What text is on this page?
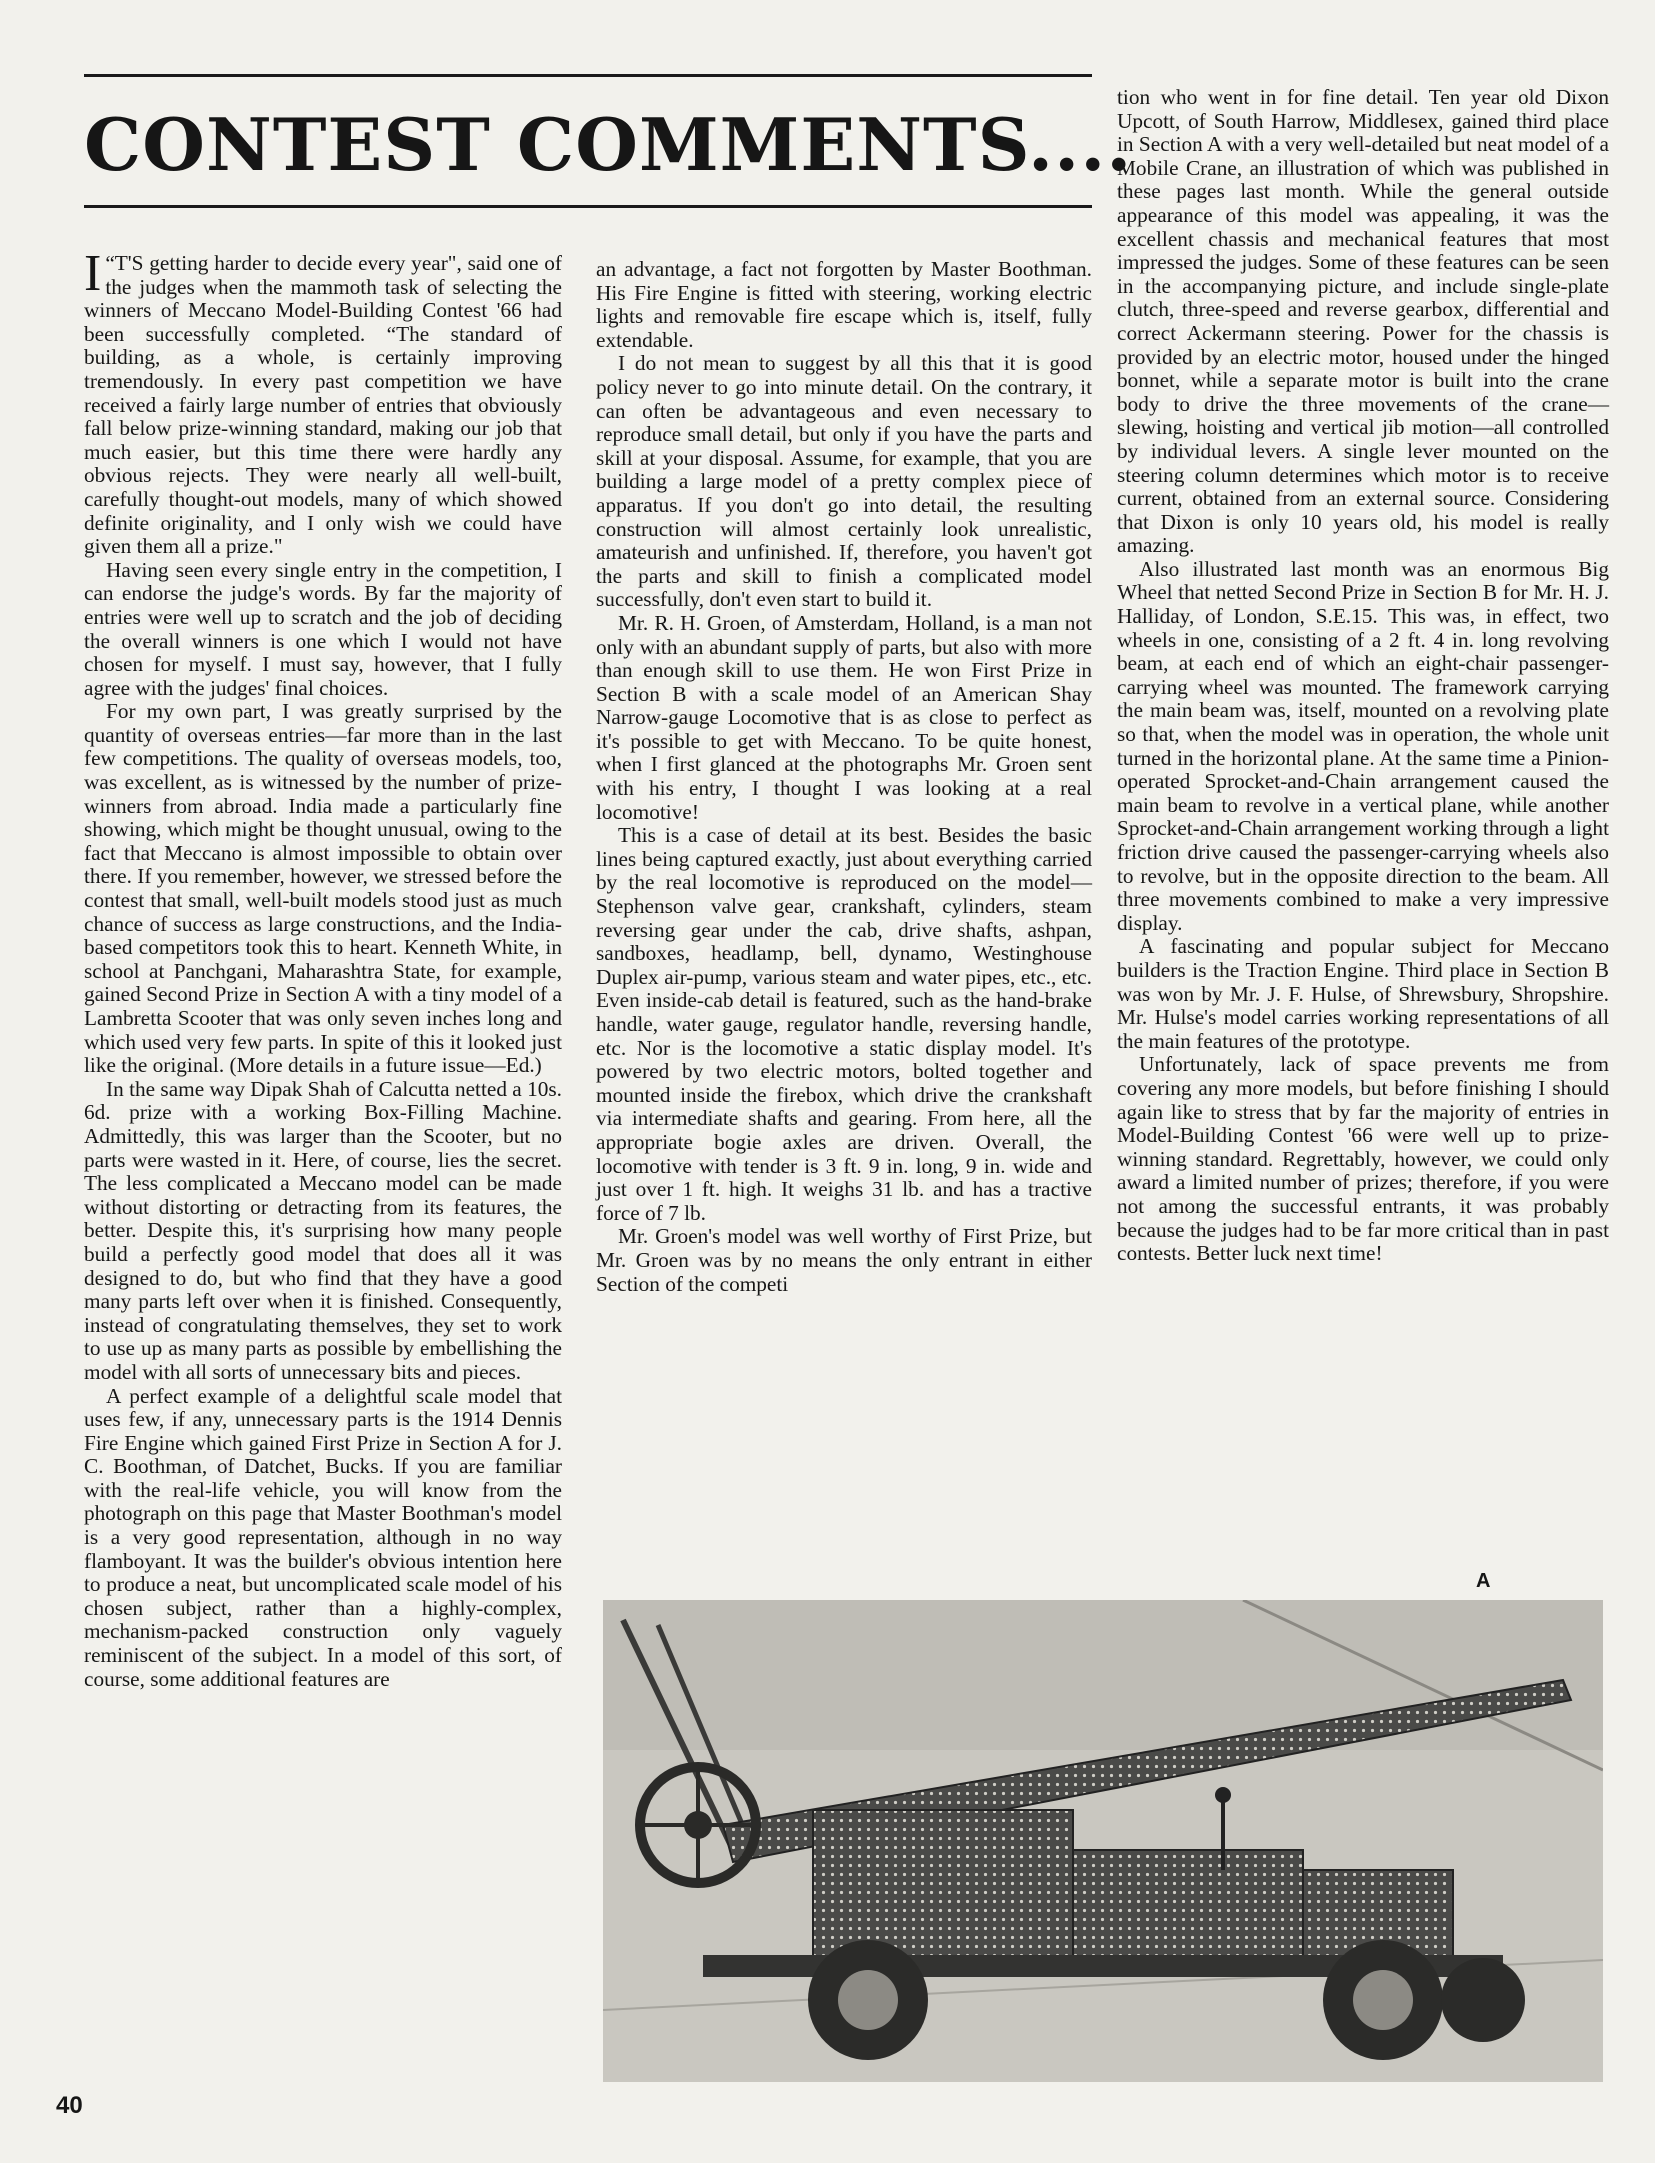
CONTEST COMMENTS....

“
I T'S getting harder to decide every year", said one of the judges when the mammoth task of selecting the winners of Meccano Model-Building Contest '66 had been successfully completed. “The standard of building, as a whole, is certainly improving tremendously. In every past competition we have received a fairly large number of entries that obviously fall below prize-winning standard, making our job that much easier, but this time there were hardly any obvious rejects. They were nearly all well-built, carefully thought-out models, many of which showed definite originality, and I only wish we could have given them all a prize."

Having seen every single entry in the competition, I can endorse the judge's words. By far the majority of entries were well up to scratch and the job of deciding the overall winners is one which I would not have chosen for myself. I must say, however, that I fully agree with the judges' final choices.

For my own part, I was greatly surprised by the quantity of overseas entries—far more than in the last few competitions. The quality of overseas models, too, was excellent, as is witnessed by the number of prize-winners from abroad. India made a particularly fine showing, which might be thought unusual, owing to the fact that Meccano is almost impossible to obtain over there. If you remember, however, we stressed before the contest that small, well-built models stood just as much chance of success as large constructions, and the India-based competitors took this to heart. Kenneth White, in school at Panchgani, Maharashtra State, for example, gained Second Prize in Section A with a tiny model of a Lambretta Scooter that was only seven inches long and which used very few parts. In spite of this it looked just like the original. (More details in a future issue—Ed.)

In the same way Dipak Shah of Calcutta netted a 10s. 6d. prize with a working Box-Filling Machine. Admittedly, this was larger than the Scooter, but no parts were wasted in it. Here, of course, lies the secret. The less complicated a Meccano model can be made without distorting or detracting from its features, the better. Despite this, it's surprising how many people build a perfectly good model that does all it was designed to do, but who find that they have a good many parts left over when it is finished. Consequently, instead of congratulating themselves, they set to work to use up as many parts as possible by embellishing the model with all sorts of unnecessary bits and pieces.

A perfect example of a delightful scale model that uses few, if any, unnecessary parts is the 1914 Dennis Fire Engine which gained First Prize in Section A for J. C. Boothman, of Datchet, Bucks. If you are familiar with the real-life vehicle, you will know from the photograph on this page that Master Boothman's model is a very good representation, although in no way flamboyant. It was the builder's obvious intention here to produce a neat, but uncomplicated scale model of his chosen subject, rather than a highly-complex, mechanism-packed construction only vaguely reminiscent of the subject. In a model of this sort, of course, some additional features are

an advantage, a fact not forgotten by Master Boothman. His Fire Engine is fitted with steering, working electric lights and removable fire escape which is, itself, fully extendable.

I do not mean to suggest by all this that it is good policy never to go into minute detail. On the contrary, it can often be advantageous and even necessary to reproduce small detail, but only if you have the parts and skill at your disposal. Assume, for example, that you are building a large model of a pretty complex piece of apparatus. If you don't go into detail, the resulting construction will almost certainly look unrealistic, amateurish and unfinished. If, therefore, you haven't got the parts and skill to finish a complicated model successfully, don't even start to build it.

Mr. R. H. Groen, of Amsterdam, Holland, is a man not only with an abundant supply of parts, but also with more than enough skill to use them. He won First Prize in Section B with a scale model of an American Shay Narrow-gauge Locomotive that is as close to perfect as it's possible to get with Meccano. To be quite honest, when I first glanced at the photographs Mr. Groen sent with his entry, I thought I was looking at a real locomotive!

This is a case of detail at its best. Besides the basic lines being captured exactly, just about everything carried by the real locomotive is reproduced on the model—Stephenson valve gear, crankshaft, cylinders, steam reversing gear under the cab, drive shafts, ashpan, sandboxes, headlamp, bell, dynamo, Westinghouse Duplex air-pump, various steam and water pipes, etc., etc. Even inside-cab detail is featured, such as the hand-brake handle, water gauge, regulator handle, reversing handle, etc. Nor is the locomotive a static display model. It's powered by two electric motors, bolted together and mounted inside the firebox, which drive the crankshaft via intermediate shafts and gearing. From here, all the appropriate bogie axles are driven. Overall, the locomotive with tender is 3 ft. 9 in. long, 9 in. wide and just over 1 ft. high. It weighs 31 lb. and has a tractive force of 7 lb.

Mr. Groen's model was well worthy of First Prize, but Mr. Groen was by no means the only entrant in either Section of the competi

tion who went in for fine detail. Ten year old Dixon Upcott, of South Harrow, Middlesex, gained third place in Section A with a very well-detailed but neat model of a Mobile Crane, an illustration of which was published in these pages last month. While the general outside appearance of this model was appealing, it was the excellent chassis and mechanical features that most impressed the judges. Some of these features can be seen in the accompanying picture, and include single-plate clutch, three-speed and reverse gearbox, differential and correct Ackermann steering. Power for the chassis is provided by an electric motor, housed under the hinged bonnet, while a separate motor is built into the crane body to drive the three movements of the crane—slewing, hoisting and vertical jib motion—all controlled by individual levers. A single lever mounted on the steering column determines which motor is to receive current, obtained from an external source. Considering that Dixon is only 10 years old, his model is really amazing.

Also illustrated last month was an enormous Big Wheel that netted Second Prize in Section B for Mr. H. J. Halliday, of London, S.E.15. This was, in effect, two wheels in one, consisting of a 2 ft. 4 in. long revolving beam, at each end of which an eight-chair passenger-carrying wheel was mounted. The framework carrying the main beam was, itself, mounted on a revolving plate so that, when the model was in operation, the whole unit turned in the horizontal plane. At the same time a Pinion-operated Sprocket-and-Chain arrangement caused the main beam to revolve in a vertical plane, while another Sprocket-and-Chain arrangement working through a light friction drive caused the passenger-carrying wheels also to revolve, but in the opposite direction to the beam. All three movements combined to make a very impressive display.

A fascinating and popular subject for Meccano builders is the Traction Engine. Third place in Section B was won by Mr. J. F. Hulse, of Shrewsbury, Shropshire. Mr. Hulse's model carries working representations of all the main features of the prototype.

Unfortunately, lack of space prevents me from covering any more models, but before finishing I should again like to stress that by far the majority of entries in Model-Building Contest '66 were well up to prize-winning standard. Regrettably, however, we could only award a limited number of prizes; therefore, if you were not among the successful entrants, it was probably because the judges had to be far more critical than in past contests. Better luck next time!

A
40
